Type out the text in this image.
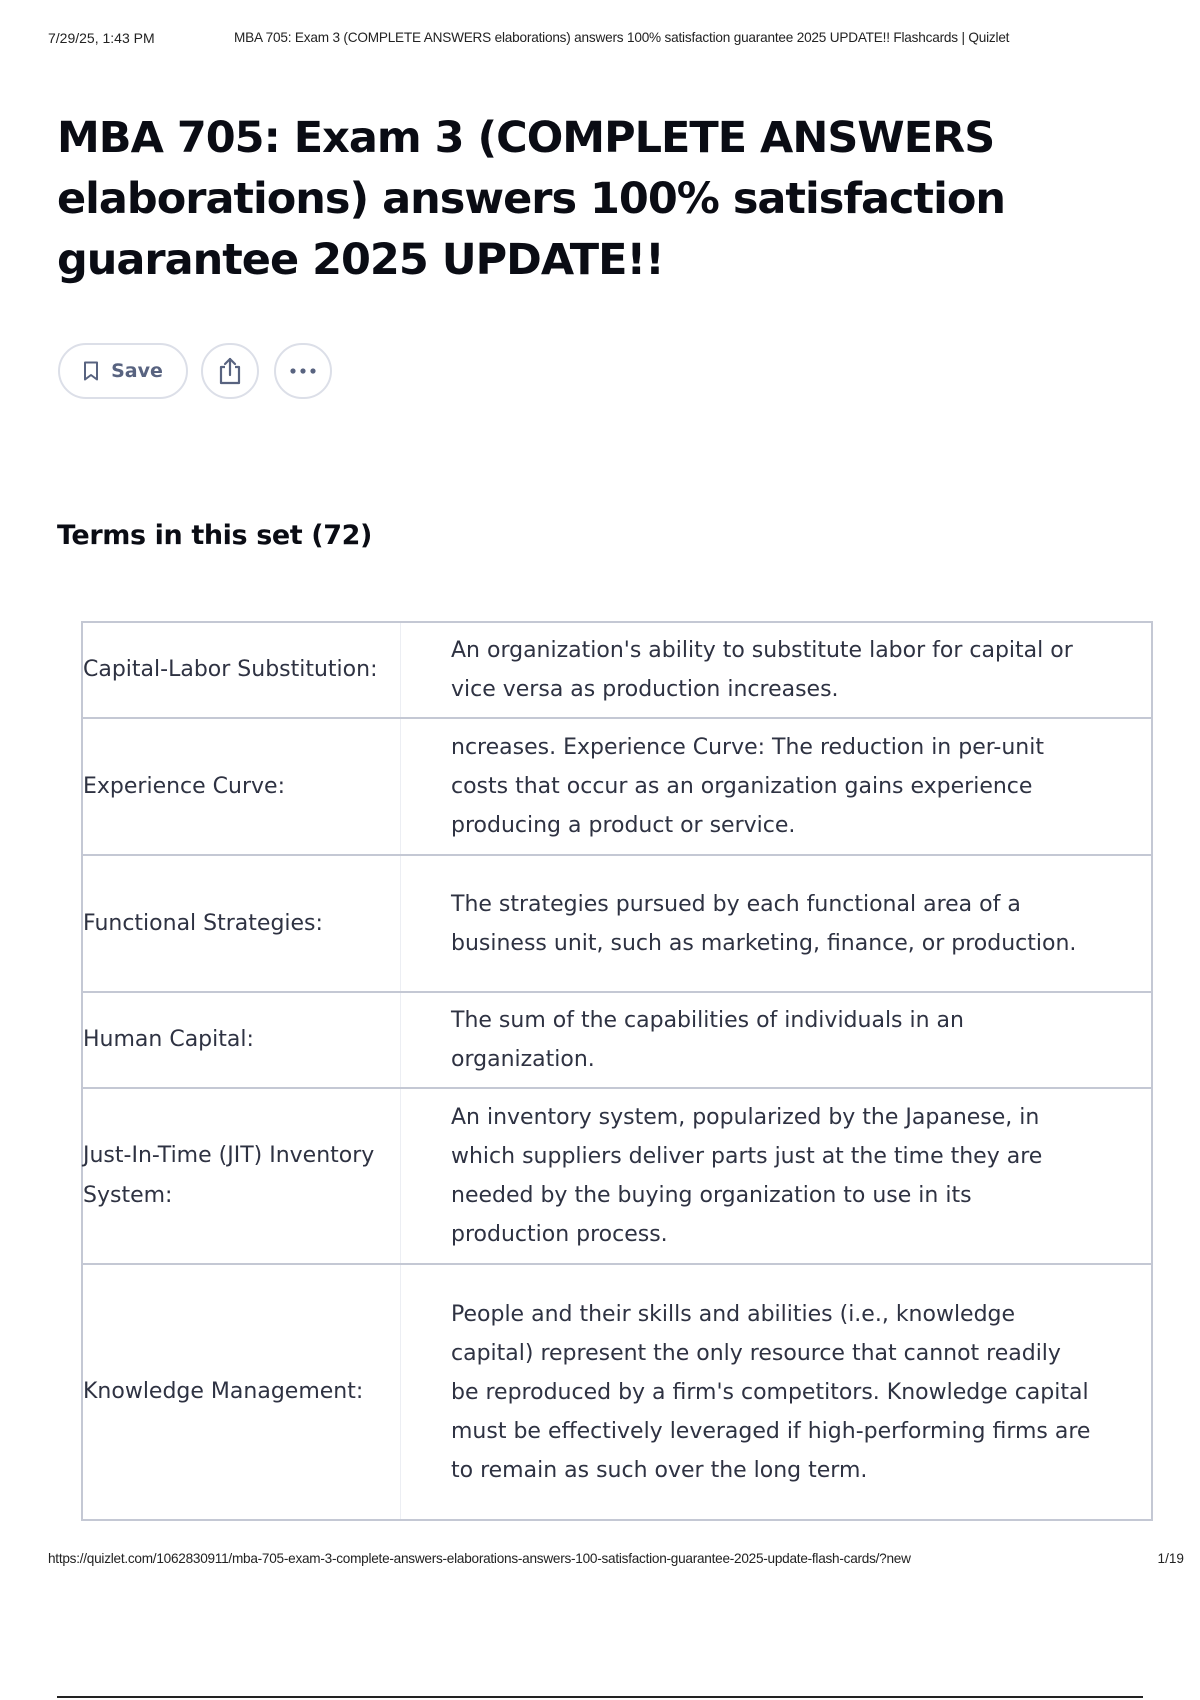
7/29/25, 1:43 PM	MBA 705: Exam 3 (COMPLETE ANSWERS elaborations) answers 100% satisfaction guarantee 2025 UPDATE!! Flashcards | Quizlet
MBA 705: Exam 3 (COMPLETE ANSWERS elaborations) answers 100% satisfaction guarantee 2025 UPDATE!!
Save
Terms in this set (72)
Capital-Labor Substitution:
An organization's ability to substitute labor for capital or vice versa as production increases.
Experience Curve:
ncreases. Experience Curve: The reduction in per-unit costs that occur as an organization gains experience producing a product or service.
Functional Strategies:
The strategies pursued by each functional area of a business unit, such as marketing, finance, or production.
Human Capital:
The sum of the capabilities of individuals in an organization.
Just-In-Time (JIT) Inventory System:
An inventory system, popularized by the Japanese, in which suppliers deliver parts just at the time they are needed by the buying organization to use in its production process.
Knowledge Management:
People and their skills and abilities (i.e., knowledge capital) represent the only resource that cannot readily be reproduced by a firm's competitors. Knowledge capital must be effectively leveraged if high-performing firms are to remain as such over the long term.
https://quizlet.com/1062830911/mba-705-exam-3-complete-answers-elaborations-answers-100-satisfaction-guarantee-2025-update-flash-cards/?new	1/19
